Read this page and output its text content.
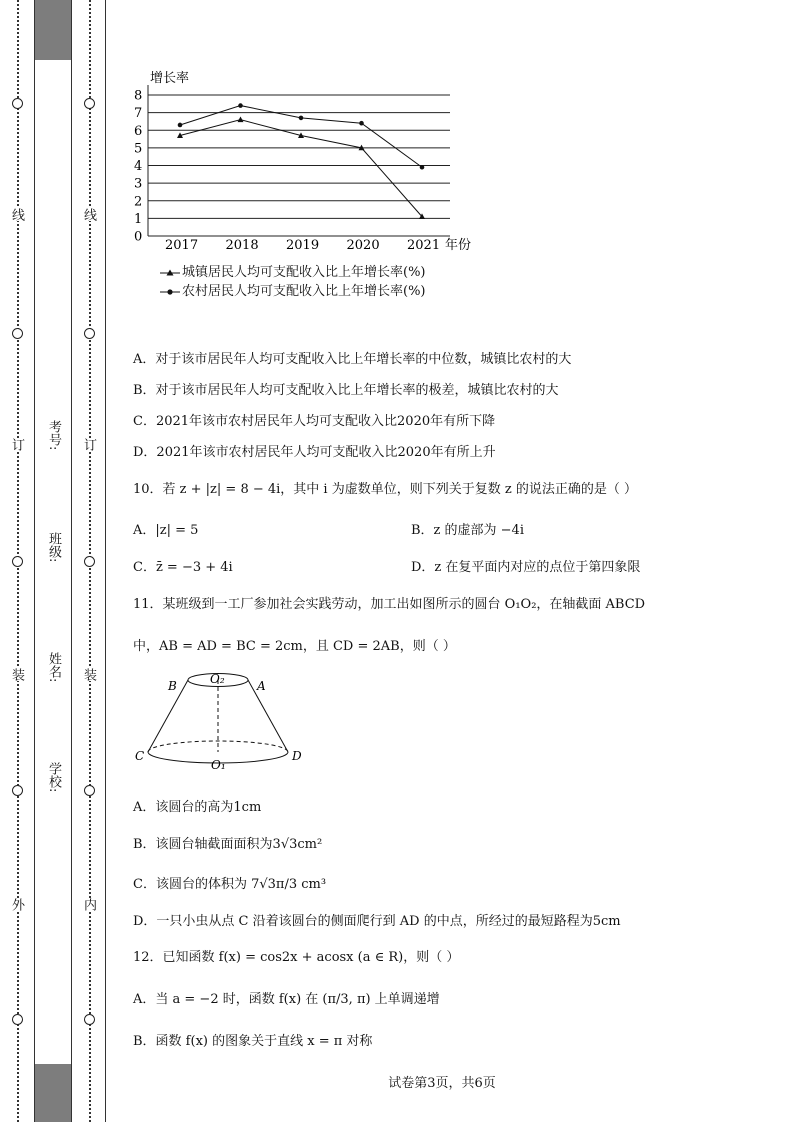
线
订
装
外
线
订
装
内
考号:
班级:
姓名:
学校:
增长率
年份
0
1
2
3
4
5
6
7
8
2017 2018 2019 2020 2021
城镇居民人均可支配收入比上年增长率(%)
农村居民人均可支配收入比上年增长率(%)
A．对于该市居民年人均可支配收入比上年增长率的中位数，城镇比农村的大
B．对于该市居民年人均可支配收入比上年增长率的极差，城镇比农村的大
C．2021年该市农村居民年人均可支配收入比2020年有所下降
D．2021年该市农村居民年人均可支配收入比2020年有所上升
10．若 z + |z| = 8 − 4i，其中 i 为虚数单位，则下列关于复数 z 的说法正确的是（ ）
A．|z| = 5	B．z 的虚部为 −4i
C．z̄ = −3 + 4i	D．z 在复平面内对应的点位于第四象限
11．某班级到一工厂参加社会实践劳动，加工出如图所示的圆台 O₁O₂，在轴截面 ABCD
中，AB = AD = BC = 2cm，且 CD = 2AB，则（ ）
B	A
O₂
C	D
O₁
A．该圆台的高为1cm
B．该圆台轴截面面积为3√3cm²
C．该圆台的体积为 7√3π/3 cm³
D．一只小虫从点 C 沿着该圆台的侧面爬行到 AD 的中点，所经过的最短路程为5cm
12．已知函数 f(x) = cos2x + acosx (a ∈ R)，则（ ）
A．当 a = −2 时，函数 f(x) 在 (π/3, π) 上单调递增
B．函数 f(x) 的图象关于直线 x = π 对称
试卷第3页，共6页
